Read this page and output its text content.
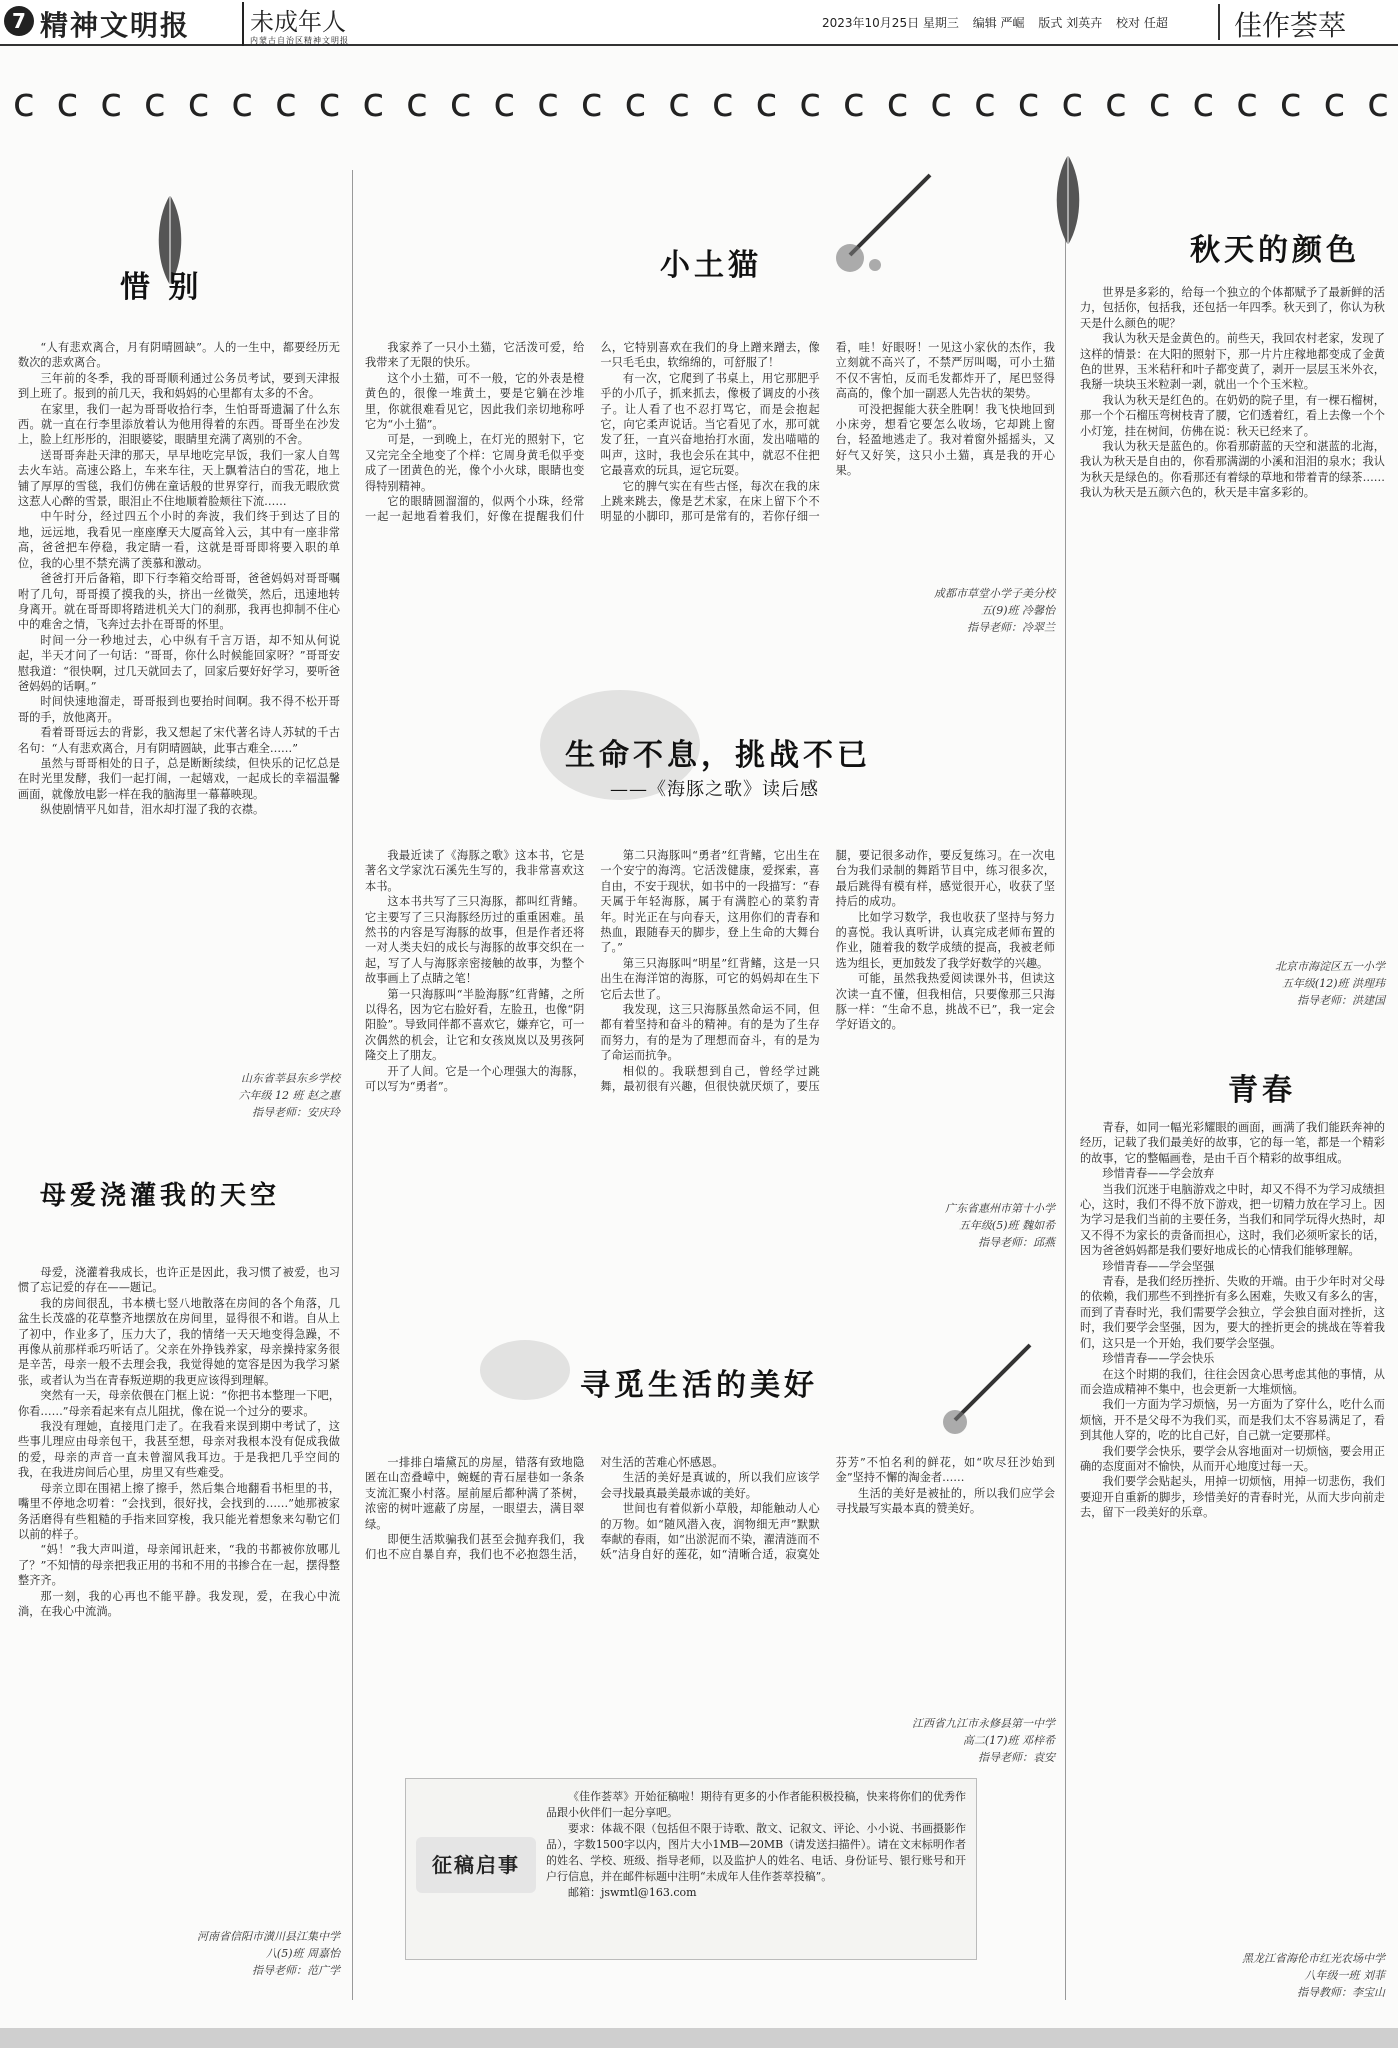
7 精神文明报	未成年人
内蒙古自治区精神文明报
2023年10月25日 星期三 编辑 严崛 版式 刘英卉 校对 任超	佳作荟萃
c c c c c c c c c c c c c c c c c c c c c c c c c c c c c c c c
惜 别

“人有悲欢离合，月有阴晴圆缺”。人的一生中，都要经历无数次的悲欢离合。

三年前的冬季，我的哥哥顺利通过公务员考试，要到天津报到上班了。报到的前几天，我和妈妈的心里都有太多的不舍。

在家里，我们一起为哥哥收拾行李，生怕哥哥遗漏了什么东西。就一直在行李里添放着认为他用得着的东西。哥哥坐在沙发上，脸上红彤彤的，泪眼婆娑，眼睛里充满了离别的不舍。

送哥哥奔赴天津的那天，早早地吃完早饭，我们一家人自驾去火车站。高速公路上，车来车往，天上飘着洁白的雪花，地上铺了厚厚的雪毯，我们仿佛在童话般的世界穿行，而我无暇欣赏这惹人心醉的雪景，眼泪止不住地顺着脸颊往下流……

中午时分，经过四五个小时的奔波，我们终于到达了目的地，远远地，我看见一座座摩天大厦高耸入云，其中有一座非常高，爸爸把车停稳，我定睛一看，这就是哥哥即将要入职的单位，我的心里不禁充满了羡慕和激动。

爸爸打开后备箱，即下行李箱交给哥哥，爸爸妈妈对哥哥嘱咐了几句，哥哥摸了摸我的头，挤出一丝微笑，然后，迅速地转身离开。就在哥哥即将踏进机关大门的刹那，我再也抑制不住心中的难舍之情，飞奔过去扑在哥哥的怀里。

时间一分一秒地过去，心中纵有千言万语，却不知从何说起，半天才问了一句话：“哥哥，你什么时候能回家呀？”哥哥安慰我道：“很快啊，过几天就回去了，回家后要好好学习，要听爸爸妈妈的话啊。”

时间快速地溜走，哥哥报到也要抬时间啊。我不得不松开哥哥的手，放他离开。

看着哥哥远去的背影，我又想起了宋代著名诗人苏轼的千古名句：“人有悲欢离合，月有阴晴圆缺，此事古难全……”

虽然与哥哥相处的日子，总是断断续续，但快乐的记忆总是在时光里发酵，我们一起打闹，一起嬉戏，一起成长的幸福温馨画面，就像放电影一样在我的脑海里一幕幕映现。

纵使剧情平凡如昔，泪水却打湿了我的衣襟。

山东省莘县东乡学校
六年级 12 班 赵之惠
指导老师：安庆玲
母爱浇灌我的天空

母爱，浇灌着我成长，也许正是因此，我习惯了被爱，也习惯了忘记爱的存在——题记。

我的房间很乱，书本横七竖八地散落在房间的各个角落，几盆生长茂盛的花草整齐地摆放在房间里，显得很不和谐。自从上了初中，作业多了，压力大了，我的情绪一天天地变得急躁，不再像从前那样乖巧听话了。父亲在外挣钱养家，母亲操持家务很是辛苦，母亲一般不去理会我，我觉得她的宽容是因为我学习紧张，或者认为当在青春叛逆期的我更应该得到理解。

突然有一天，母亲依偎在门框上说：“你把书本整理一下吧，你看……”母亲看起来有点儿阻扰，像在说一个过分的要求。

我没有理她，直接甩门走了。在我看来误到期中考试了，这些事儿理应由母亲包干，我甚至想，母亲对我根本没有促成我做的爱，母亲的声音一直未曾溜风我耳边。于是我把几乎空间的我，在我进房间后心里，房里又有些难受。

母亲立即在围裙上擦了擦手，然后集合地翻看书柜里的书，嘴里不停地念叨着：“会找到，很好找，会找到的……”她那被家务活磨得有些粗糙的手指来回穿梭，我只能光着想象来勾勒它们以前的样子。

“妈！”我大声叫道，母亲闻讯赶来，“我的书都被你放哪儿了？”不知情的母亲把我正用的书和不用的书掺合在一起，摆得整整齐齐。

那一刻，我的心再也不能平静。我发现，爱，在我心中流淌，在我心中流淌。

河南省信阳市潢川县江集中学
八(5)班 周嘉怡
指导老师：范广学
小土猫

我家养了一只小土猫，它活泼可爱，给我带来了无限的快乐。

这个小土猫，可不一般，它的外表是橙黄色的，很像一堆黄土，要是它躺在沙堆里，你就很难看见它，因此我们亲切地称呼它为“小土猫”。

可是，一到晚上，在灯光的照射下，它又完完全全地变了个样：它周身黄毛似乎变成了一团黄色的光，像个小火球，眼睛也变得特别精神。

它的眼睛圆溜溜的，似两个小珠，经常一起一起地看着我们，好像在提醒我们什么，它特别喜欢在我们的身上蹭来蹭去，像一只毛毛虫，软绵绵的，可舒服了！

有一次，它爬到了书桌上，用它那肥乎乎的小爪子，抓来抓去，像极了调皮的小孩子。让人看了也不忍打骂它，而是会抱起它，向它柔声说话。当它看见了水，那可就发了狂，一直兴奋地抬打水面，发出喵喵的叫声，这时，我也会乐在其中，就忍不住把它最喜欢的玩具，逗它玩耍。

它的脾气实在有些古怪，每次在我的床上跳来跳去，像是艺术家，在床上留下个不明显的小脚印，那可是常有的，若你仔细一看，哇！好眼呀！一见这小家伙的杰作，我立刻就不高兴了，不禁严厉叫喝，可小土猫不仅不害怕，反而毛发都炸开了，尾巴竖得高高的，像个加一副恶人先告状的架势。

可没把握能大获全胜啊！我飞快地回到小床旁，想看它要怎么收场，它却跳上窗台，轻盈地逃走了。我对着窗外摇摇头，又好气又好笑，这只小土猫，真是我的开心果。

成都市草堂小学子美分校
五(9)班 冷馨怡
指导老师：冷翠兰
生命不息，挑战不已
——《海豚之歌》读后感

我最近读了《海豚之歌》这本书，它是著名文学家沈石溪先生写的，我非常喜欢这本书。

这本书共写了三只海豚，都叫红背鳍。它主要写了三只海豚经历过的重重困难。虽然书的内容是写海豚的故事，但是作者还将一对人类夫妇的成长与海豚的故事交织在一起，写了人与海豚亲密接触的故事，为整个故事画上了点睛之笔！

第一只海豚叫“半脸海豚”红背鳍，之所以得名，因为它右脸好看，左脸丑，也像“阴阳脸”。导致同伴都不喜欢它，嫌弃它，可一次偶然的机会，让它和女孩岚岚以及男孩阿隆交上了朋友。

开了人间。它是一个心理强大的海豚，可以写为“勇者”。

第二只海豚叫“勇者”红背鳍，它出生在一个安宁的海湾。它活泼健康，爱探索，喜自由，不安于现状，如书中的一段描写：“春天属于年轻海豚，属于有满腔心的菜豹青年。时光正在与向春天，这用你们的青春和热血，跟随春天的脚步，登上生命的大舞台了。”

第三只海豚叫“明星”红背鳍，这是一只出生在海洋馆的海豚，可它的妈妈却在生下它后去世了。

我发现，这三只海豚虽然命运不同，但都有着坚持和奋斗的精神。有的是为了生存而努力，有的是为了理想而奋斗，有的是为了命运而抗争。

相似的。我联想到自己，曾经学过跳舞，最初很有兴趣，但很快就厌烦了，要压腿，要记很多动作，要反复练习。在一次电台为我们录制的舞蹈节目中，练习很多次，最后跳得有模有样，感觉很开心，收获了坚持后的成功。

比如学习数学，我也收获了坚持与努力的喜悦。我认真听讲，认真完成老师布置的作业，随着我的数学成绩的提高，我被老师选为组长，更加鼓发了我学好数学的兴趣。

可能，虽然我热爱阅读课外书，但读这次读一直不懂，但我相信，只要像那三只海豚一样：“生命不息，挑战不已”，我一定会学好语文的。

广东省惠州市第十小学
五年级(5)班 魏如希
指导老师：邱燕
寻觅生活的美好

一排排白墙黛瓦的房屋，错落有致地隐匿在山峦叠嶂中，蜿蜒的青石屋巷如一条条支流汇聚小村落。屋前屋后都种满了茶树，浓密的树叶遮蔽了房屋，一眼望去，满目翠绿。

即便生活欺骗我们甚至会抛弃我们，我们也不应自暴自弃，我们也不必抱怨生活，对生活的苦难心怀感恩。

生活的美好是真诚的，所以我们应该学会寻找最真最美最赤诚的美好。

世间也有着似新小草般，却能触动人心的万物。如“随风潜入夜，润物细无声”默默奉献的春雨，如“出淤泥而不染，濯清涟而不妖”洁身自好的莲花，如“清晰合适，寂寞处芬芳”不怕名利的鲜花，如“吹尽狂沙始到金”坚持不懈的淘金者……

生活的美好是被扯的，所以我们应学会寻找最写实最本真的赞美好。

江西省九江市永修县第一中学
高二(17)班 邓梓希
指导老师：袁安
征稿启事

《佳作荟萃》开始征稿啦！期待有更多的小作者能积极投稿，快来将你们的优秀作品跟小伙伴们一起分享吧。

要求：体裁不限（包括但不限于诗歌、散文、记叙文、评论、小小说、书画摄影作品），字数1500字以内，图片大小1MB—20MB（请发送扫描件）。请在文末标明作者的姓名、学校、班级、指导老师，以及监护人的姓名、电话、身份证号、银行账号和开户行信息，并在邮件标题中注明“未成年人佳作荟萃投稿”。

邮箱：jswmtl@163.com

秋天的颜色

世界是多彩的，给每一个独立的个体都赋予了最新鲜的活力，包括你，包括我，还包括一年四季。秋天到了，你认为秋天是什么颜色的呢？

我认为秋天是金黄色的。前些天，我回农村老家，发现了这样的情景：在大阳的照射下，那一片片庄稼地都变成了金黄色的世界，玉米秸秆和叶子都变黄了，剥开一层层玉米外衣，我掰一块块玉米粒剥一剥，就出一个个玉米粒。

我认为秋天是红色的。在奶奶的院子里，有一棵石榴树，那一个个石榴压弯树枝青了腰，它们透着红，看上去像一个个小灯笼，挂在树间，仿佛在说：秋天已经来了。

我认为秋天是蓝色的。你看那蔚蓝的天空和湛蓝的北海，我认为秋天是自由的，你看那满湖的小溪和泪泪的泉水；我认为秋天是绿色的。你看那还有着绿的草地和带着青的绿茶……我认为秋天是五颜六色的，秋天是丰富多彩的。

北京市海淀区五一小学
五年级(12)班 洪理玮
指导老师：洪建国
青春

青春，如同一幅光彩耀眼的画面，画满了我们能跃奔神的经历，记载了我们最美好的故事，它的每一笔，都是一个精彩的故事，它的整幅画卷，是由千百个精彩的故事组成。

珍惜青春——学会放弃

当我们沉迷于电脑游戏之中时，却又不得不为学习成绩担心，这时，我们不得不放下游戏，把一切精力放在学习上。因为学习是我们当前的主要任务，当我们和同学玩得火热时，却又不得不为家长的责备而担心，这时，我们必须听家长的话，因为爸爸妈妈都是我们要好地成长的心情我们能够理解。

珍惜青春——学会坚强

青春，是我们经历挫折、失败的开端。由于少年时对父母的依赖，我们那些不到挫折有多么困难，失败又有多么的害，而到了青春时光，我们需要学会独立，学会独自面对挫折，这时，我们要学会坚强，因为，要大的挫折更会的挑战在等着我们，这只是一个开始，我们要学会坚强。

珍惜青春——学会快乐

在这个时期的我们，往往会因贪心思考虑其他的事情，从而会造成精神不集中，也会更新一大堆烦恼。

我们一方面为学习烦恼，另一方面为了穿什么，吃什么而烦恼，开不是父母不为我们买，而是我们太不容易满足了，看到其他人穿的，吃的比自己好，自己就一定要那样。

我们要学会快乐，要学会从容地面对一切烦恼，要会用正确的态度面对不愉快，从而开心地度过每一天。

我们要学会贴起头，用掉一切烦恼，用掉一切悲伤，我们要迎开自重新的脚步，珍惜美好的青春时光，从而大步向前走去，留下一段美好的乐章。

黑龙江省海伦市红光农场中学
八年级一班 刘菲
指导教师：李宝山
